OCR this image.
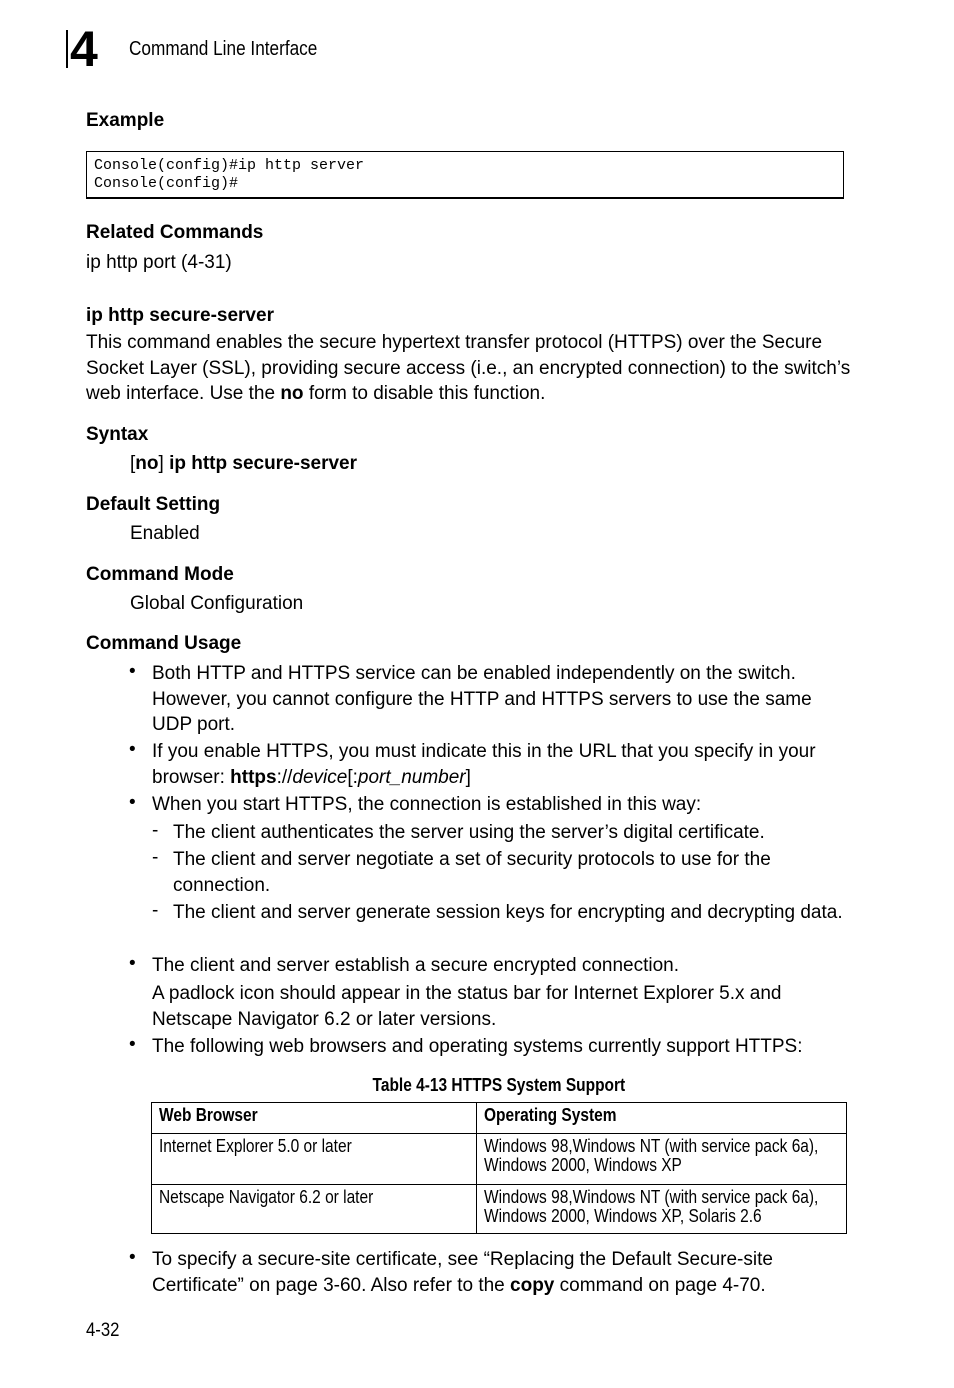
4 Command Line Interface
Example
Console(config)#ip http server
Console(config)#
Related Commands
ip http port (4-31)
ip http secure-server
This command enables the secure hypertext transfer protocol (HTTPS) over the Secure Socket Layer (SSL), providing secure access (i.e., an encrypted connection) to the switch’s web interface. Use the no form to disable this function.
Syntax
[no] ip http secure-server
Default Setting
Enabled
Command Mode
Global Configuration
Command Usage
• Both HTTP and HTTPS service can be enabled independently on the switch. However, you cannot configure the HTTP and HTTPS servers to use the same UDP port.
• If you enable HTTPS, you must indicate this in the URL that you specify in your browser: https://device[:port_number]
• When you start HTTPS, the connection is established in this way:
- The client authenticates the server using the server’s digital certificate.
- The client and server negotiate a set of security protocols to use for the connection.
- The client and server generate session keys for encrypting and decrypting data.
• The client and server establish a secure encrypted connection.
A padlock icon should appear in the status bar for Internet Explorer 5.x and Netscape Navigator 6.2 or later versions.
• The following web browsers and operating systems currently support HTTPS:
Table 4-13 HTTPS System Support
Web Browser	Operating System

Internet Explorer 5.0 or later	Windows 98,Windows NT (with service pack 6a), Windows 2000, Windows XP

Netscape Navigator 6.2 or later	Windows 98,Windows NT (with service pack 6a), Windows 2000, Windows XP, Solaris 2.6
• To specify a secure-site certificate, see “Replacing the Default Secure-site Certificate” on page 3-60. Also refer to the copy command on page 4-70.
4-32
